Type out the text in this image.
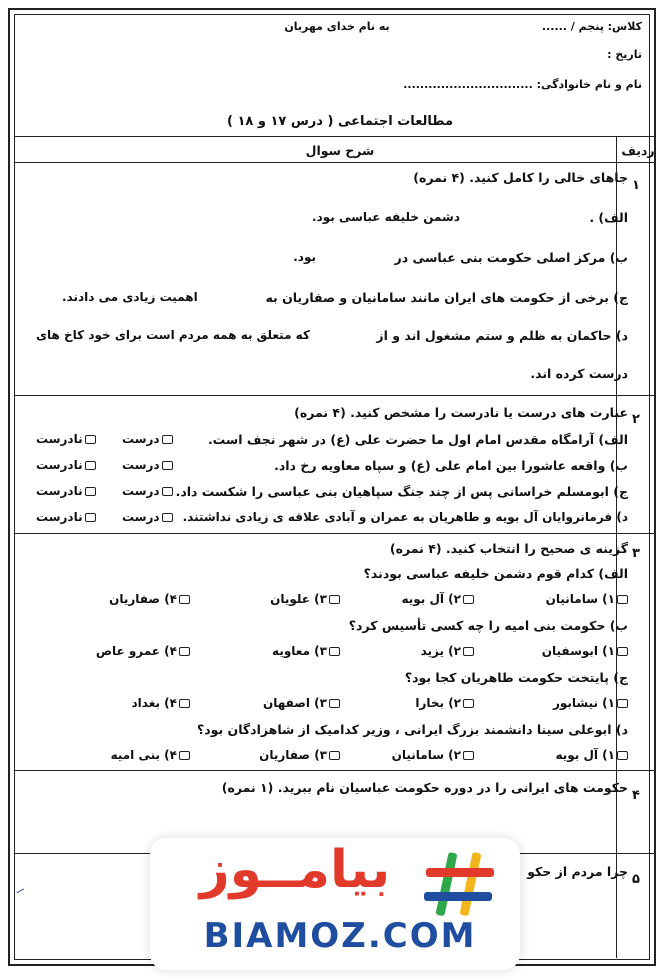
به نام خدای مهربان	کلاس: پنجم / ......
تاریخ :
نام و نام خانوادگی: ...............................
مطالعات اجتماعی ( درس ۱۷ و ۱۸ )
ردیف
شرح سوال
۱
جاهای خالی را کامل کنید. (۴ نمره)
الف) .
دشمن خلیفه عباسی بود.
ب) مرکز اصلی حکومت بنی عباسی در
بود.
ج) برخی از حکومت های ایران مانند سامانیان و صفاریان به
اهمیت زیادی می دادند.
د) حاکمان به ظلم و ستم مشغول اند و از
که متعلق به همه مردم است برای خود کاخ های
درست کرده اند.
۲
عبارت های درست یا نادرست را مشخص کنید. (۴ نمره)
الف) آرامگاه مقدس امام اول ما حضرت علی (ع) در شهر نجف است.
درست
نادرست
ب) واقعه عاشورا بین امام علی (ع) و سپاه معاویه رخ داد.
درست
نادرست
ج) ابومسلم خراسانی پس از چند جنگ سپاهیان بنی عباسی را شکست داد.
درست
نادرست
د) فرمانروایان آل بویه و طاهریان به عمران و آبادی علاقه ی زیادی نداشتند.
درست
نادرست
۳
گزینه ی صحیح را انتخاب کنید. (۴ نمره)
الف) کدام قوم دشمن خلیفه عباسی بودند؟
۱) سامانیان
۲) آل بویه
۳) علویان
۴) صفاریان
ب) حکومت بنی امیه را چه کسی تأسیس کرد؟
۱) ابوسفیان
۲) یزید
۳) معاویه
۴) عمرو عاص
ج) پایتخت حکومت طاهریان کجا بود؟
۱) نیشابور
۲) بخارا
۳) اصفهان
۴) بغداد
د) ابوعلی سینا دانشمند بزرگ ایرانی ، وزیر کدامیک از شاهزادگان بود؟
۱) آل بویه
۲) سامانیان
۳) صفاریان
۴) بنی امیه
۴
حکومت های ایرانی را در دوره حکومت عباسیان نام ببرید. (۱ نمره)
۵
چرا مردم از حکو
بیامــوز
BIAMOZ.COM
